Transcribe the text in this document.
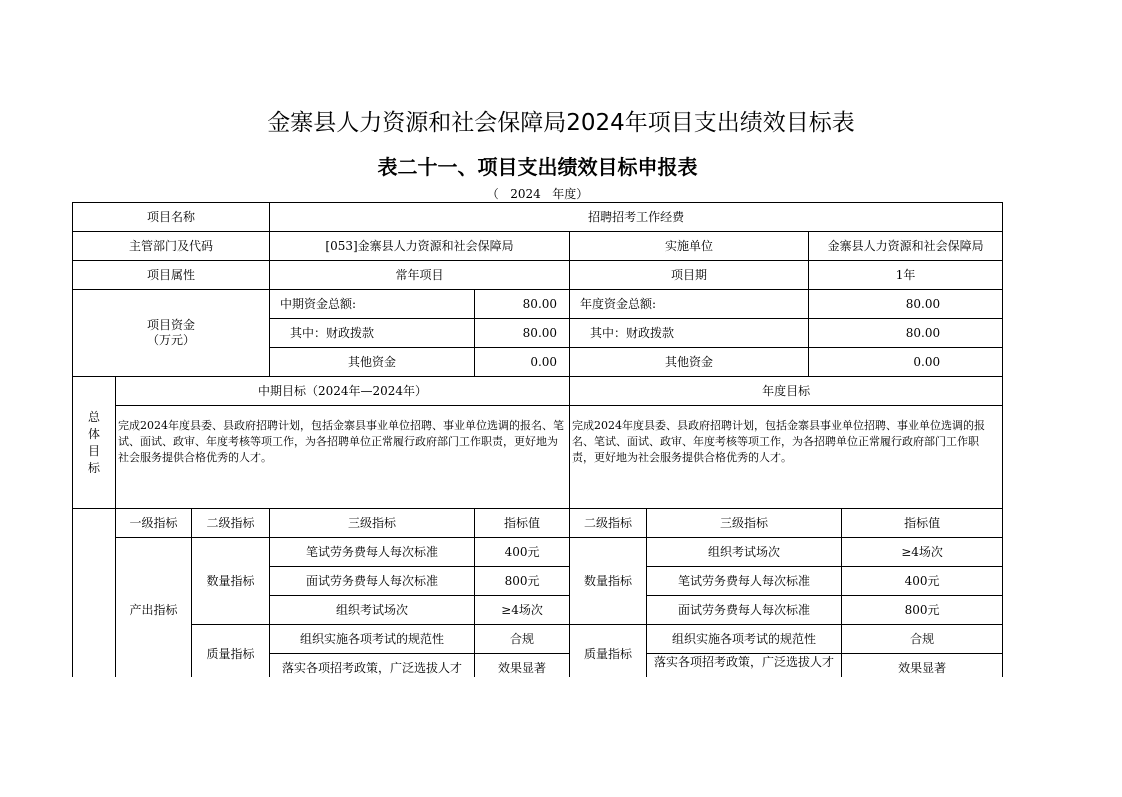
金寨县人力资源和社会保障局2024年项目支出绩效目标表
表二十一、项目支出绩效目标申报表
（   2024   年度）
项目名称			招聘招考工作经费					
主管部门及代码			[053]金寨县人力资源和社会保障局		实施单位		金寨县人力资源和社会保障局	
项目属性			常年项目		项目期		1年	
项目资金
（万元）			中期资金总额:	80.00	年度资金总额:		80.00	
			其中：财政拨款	80.00	其中：财政拨款		80.00	
			其他资金	0.00	其他资金		0.00	
总
体
目
标	中期目标（2024年—2024年）				年度目标			
	完成2024年度县委、县政府招聘计划，包括金寨县事业单位招聘、事业单位选调的报名、笔试、面试、政审、年度考核等项工作，为各招聘单位正常履行政府部门工作职责，更好地为社会服务提供合格优秀的人才。				完成2024年度县委、县政府招聘计划，包括金寨县事业单位招聘、事业单位选调的报名、笔试、面试、政审、年度考核等项工作，为各招聘单位正常履行政府部门工作职责，更好地为社会服务提供合格优秀的人才。			
	一级指标	二级指标	三级指标	指标值	二级指标	三级指标		指标值
	产出指标	数量指标	笔试劳务费每人每次标准	400元	数量指标	组织考试场次		≥4场次
			面试劳务费每人每次标准	800元		笔试劳务费每人每次标准		400元
			组织考试场次	≥4场次		面试劳务费每人每次标准		800元
		质量指标	组织实施各项考试的规范性	合规	质量指标	组织实施各项考试的规范性		合规
			落实各项招考政策，广泛选拔人才	效果显著		落实各项招考政策，广泛选拔人才		效果显著
